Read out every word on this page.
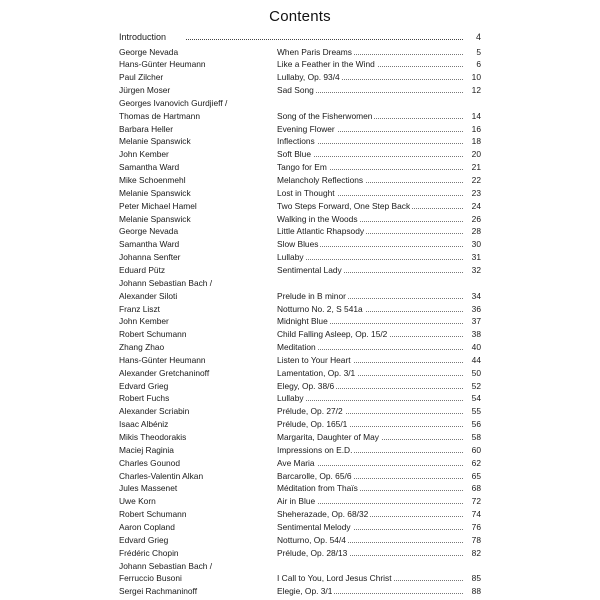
Contents
Introduction	4
George Nevada	When Paris Dreams	5
Hans-Günter Heumann	Like a Feather in the Wind	6
Paul Zilcher	Lullaby, Op. 93/4	10
Jürgen Moser	Sad Song	12
Georges Ivanovich Gurdjieff /
Thomas de Hartmann	Song of the Fisherwomen	14
Barbara Heller	Evening Flower	16
Melanie Spanswick	Inflections	18
John Kember	Soft Blue	20
Samantha Ward	Tango for Em	21
Mike Schoenmehl	Melancholy Reflections	22
Melanie Spanswick	Lost in Thought	23
Peter Michael Hamel	Two Steps Forward, One Step Back	24
Melanie Spanswick	Walking in the Woods	26
George Nevada	Little Atlantic Rhapsody	28
Samantha Ward	Slow Blues	30
Johanna Senfter	Lullaby	31
Eduard Pütz	Sentimental Lady	32
Johann Sebastian Bach /
Alexander Siloti	Prelude in B minor	34
Franz Liszt	Notturno No. 2, S 541a	36
John Kember	Midnight Blue	37
Robert Schumann	Child Falling Asleep, Op. 15/2	38
Zhang Zhao	Meditation	40
Hans-Günter Heumann	Listen to Your Heart	44
Alexander Gretchaninoff	Lamentation, Op. 3/1	50
Edvard Grieg	Elegy, Op. 38/6	52
Robert Fuchs	Lullaby	54
Alexander Scriabin	Prélude, Op. 27/2	55
Isaac Albéniz	Prélude, Op. 165/1	56
Mikis Theodorakis	Margarita, Daughter of May	58
Maciej Raginia	Impressions on E.D.	60
Charles Gounod	Ave Maria	62
Charles-Valentin Alkan	Barcarolle, Op. 65/6	65
Jules Massenet	Méditation from Thaïs	68
Uwe Korn	Air in Blue	72
Robert Schumann	Sheherazade, Op. 68/32	74
Aaron Copland	Sentimental Melody	76
Edvard Grieg	Notturno, Op. 54/4	78
Frédéric Chopin	Prélude, Op. 28/13	82
Johann Sebastian Bach /
Ferruccio Busoni	I Call to You, Lord Jesus Christ	85
Sergei Rachmaninoff	Elegie, Op. 3/1	88
